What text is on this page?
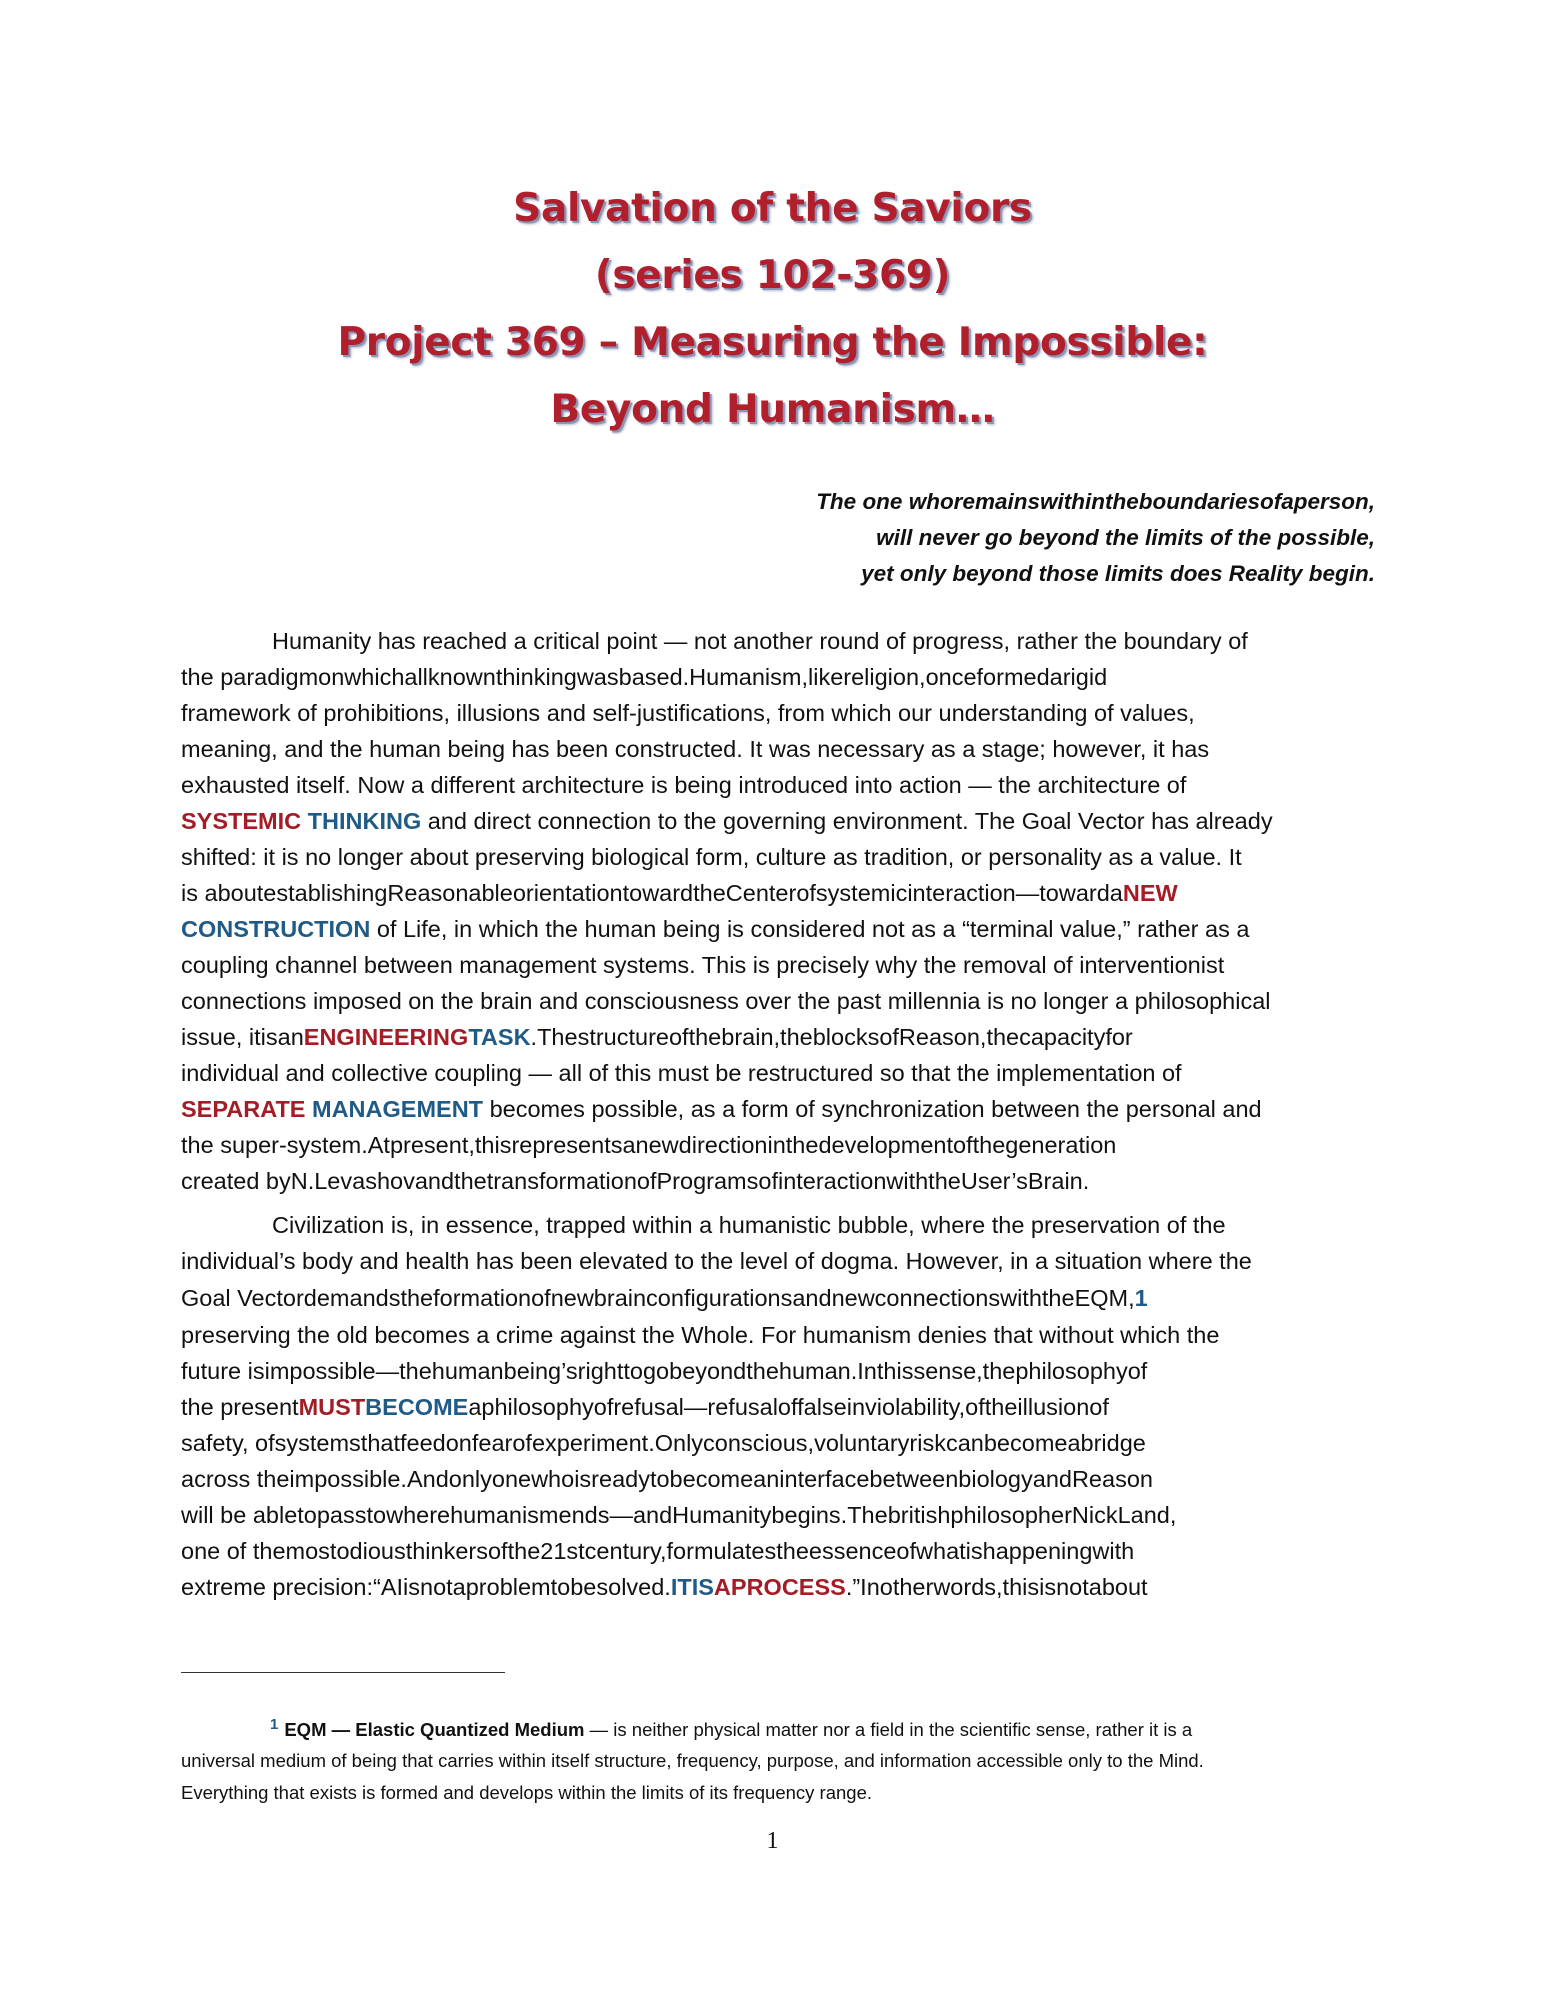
Salvation of the Saviors
(series 102-369)
Project 369 – Measuring the Impossible:
Beyond Humanism…
The one whoremainswithintheboundariesofaperson,
will never go beyond the limits of the possible,
yet only beyond those limits does Reality begin.
Humanity has reached a critical point — not another round of progress, rather the boundary of
the paradigmonwhichallknownthinkingwasbased.Humanism,likereligion,onceformedarigid
framework of prohibitions, illusions and self-justifications, from which our understanding of values,
meaning, and the human being has been constructed. It was necessary as a stage; however, it has
exhausted itself. Now a different architecture is being introduced into action — the architecture of
SYSTEMIC THINKING and direct connection to the governing environment. The Goal Vector has already
shifted: it is no longer about preserving biological form, culture as tradition, or personality as a value. It
is aboutestablishingReasonableorientationtowardtheCenterofsystemicinteraction—towardaNEW
CONSTRUCTION of Life, in which the human being is considered not as a “terminal value,” rather as a
coupling channel between management systems. This is precisely why the removal of interventionist
connections imposed on the brain and consciousness over the past millennia is no longer a philosophical
issue, itisanENGINEERINGTASK.Thestructureofthebrain,theblocksofReason,thecapacityfor
individual and collective coupling — all of this must be restructured so that the implementation of
SEPARATE MANAGEMENT becomes possible, as a form of synchronization between the personal and
the super-system.Atpresent,thisrepresentsanewdirectioninthedevelopmentofthegeneration
created byN.LevashovandthetransformationofProgramsofinteractionwiththeUser’sBrain.
Civilization is, in essence, trapped within a humanistic bubble, where the preservation of the
individual’s body and health has been elevated to the level of dogma. However, in a situation where the
Goal VectordemandstheformationofnewbrainconfigurationsandnewconnectionswiththeEQM,1
preserving the old becomes a crime against the Whole. For humanism denies that without which the
future isimpossible—thehumanbeing’srighttogobeyondthehuman.Inthissense,thephilosophyof
the presentMUSTBECOMEaphilosophyofrefusal—refusaloffalseinviolability,oftheillusionof
safety, ofsystemsthatfeedonfearofexperiment.Onlyconscious,voluntaryriskcanbecomeabridge
across theimpossible.AndonlyonewhoisreadytobecomeaninterfacebetweenbiologyandReason
will be abletopasstowherehumanismends—andHumanitybegins.ThebritishphilosopherNickLand,
one of themostodiousthinkersofthe21stcentury,formulatestheessenceofwhatishappeningwith
extreme precision:“AIisnotaproblemtobesolved.ITISAPROCESS.”Inotherwords,thisisnotabout
$^1$ EQM — Elastic Quantized Medium — is neither physical matter nor a field in the scientific sense, rather it is a
universal medium of being that carries within itself structure, frequency, purpose, and information accessible only to the Mind.
Everything that exists is formed and develops within the limits of its frequency range.
1
